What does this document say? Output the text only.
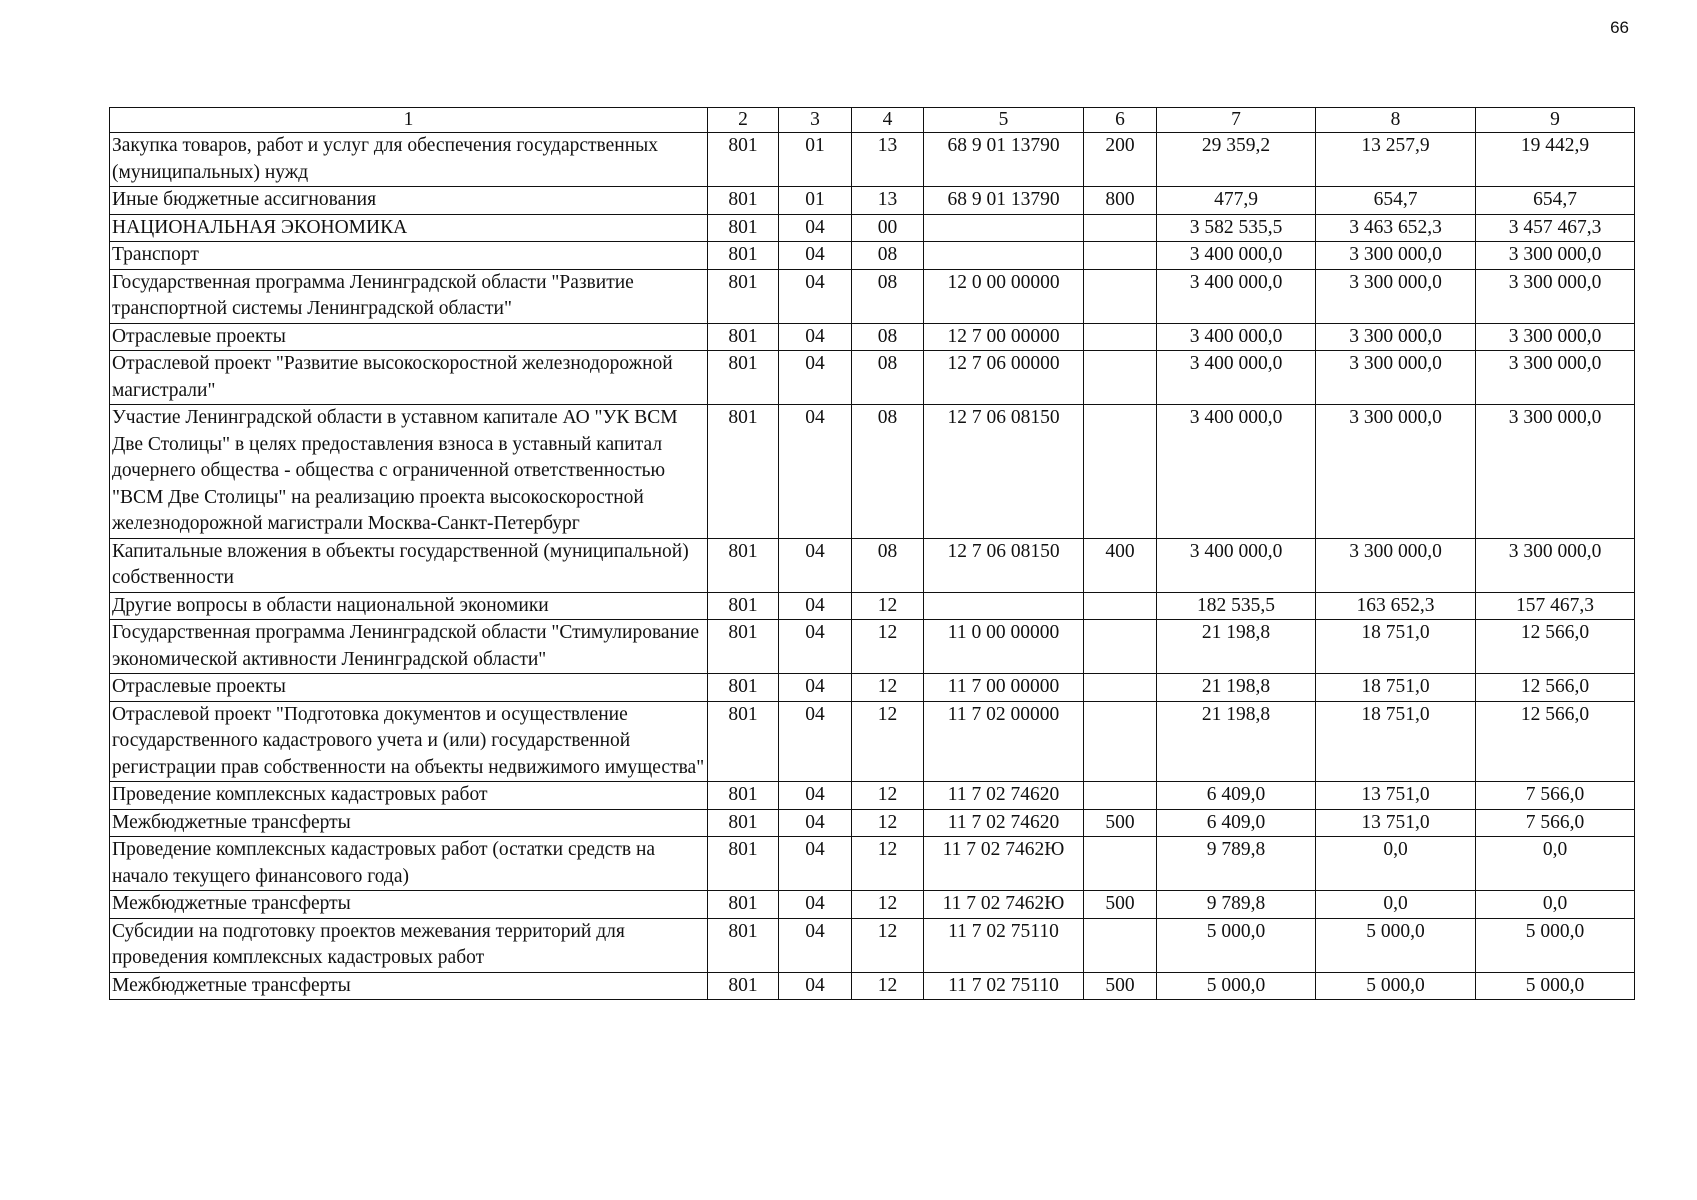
66
1	2	3	4	5	6	7	8	9
Закупка товаров, работ и услуг для обеспечения государственных (муниципальных) нужд	801	01	13	68 9 01 13790	200	29 359,2	13 257,9	19 442,9
Иные бюджетные ассигнования	801	01	13	68 9 01 13790	800	477,9	654,7	654,7
НАЦИОНАЛЬНАЯ ЭКОНОМИКА	801	04	00			3 582 535,5	3 463 652,3	3 457 467,3
Транспорт	801	04	08			3 400 000,0	3 300 000,0	3 300 000,0
Государственная программа Ленинградской области "Развитие транспортной системы Ленинградской области"	801	04	08	12 0 00 00000		3 400 000,0	3 300 000,0	3 300 000,0
Отраслевые проекты	801	04	08	12 7 00 00000		3 400 000,0	3 300 000,0	3 300 000,0
Отраслевой проект "Развитие высокоскоростной железнодорожной магистрали"	801	04	08	12 7 06 00000		3 400 000,0	3 300 000,0	3 300 000,0
Участие Ленинградской области в уставном капитале АО "УК ВСМ Две Столицы" в целях предоставления взноса в уставный капитал дочернего общества - общества с ограниченной ответственностью "ВСМ Две Столицы" на реализацию проекта высокоскоростной железнодорожной магистрали Москва-Санкт-Петербург	801	04	08	12 7 06 08150		3 400 000,0	3 300 000,0	3 300 000,0
Капитальные вложения в объекты государственной (муниципальной) собственности	801	04	08	12 7 06 08150	400	3 400 000,0	3 300 000,0	3 300 000,0
Другие вопросы в области национальной экономики	801	04	12			182 535,5	163 652,3	157 467,3
Государственная программа Ленинградской области "Стимулирование экономической активности Ленинградской области"	801	04	12	11 0 00 00000		21 198,8	18 751,0	12 566,0
Отраслевые проекты	801	04	12	11 7 00 00000		21 198,8	18 751,0	12 566,0
Отраслевой проект "Подготовка документов и осуществление государственного кадастрового учета и (или) государственной регистрации прав собственности на объекты недвижимого имущества"	801	04	12	11 7 02 00000		21 198,8	18 751,0	12 566,0
Проведение комплексных кадастровых работ	801	04	12	11 7 02 74620		6 409,0	13 751,0	7 566,0
Межбюджетные трансферты	801	04	12	11 7 02 74620	500	6 409,0	13 751,0	7 566,0
Проведение комплексных кадастровых работ (остатки средств на начало текущего финансового года)	801	04	12	11 7 02 7462Ю		9 789,8	0,0	0,0
Межбюджетные трансферты	801	04	12	11 7 02 7462Ю	500	9 789,8	0,0	0,0
Субсидии на подготовку проектов межевания территорий для проведения комплексных кадастровых работ	801	04	12	11 7 02 75110		5 000,0	5 000,0	5 000,0
Межбюджетные трансферты	801	04	12	11 7 02 75110	500	5 000,0	5 000,0	5 000,0
